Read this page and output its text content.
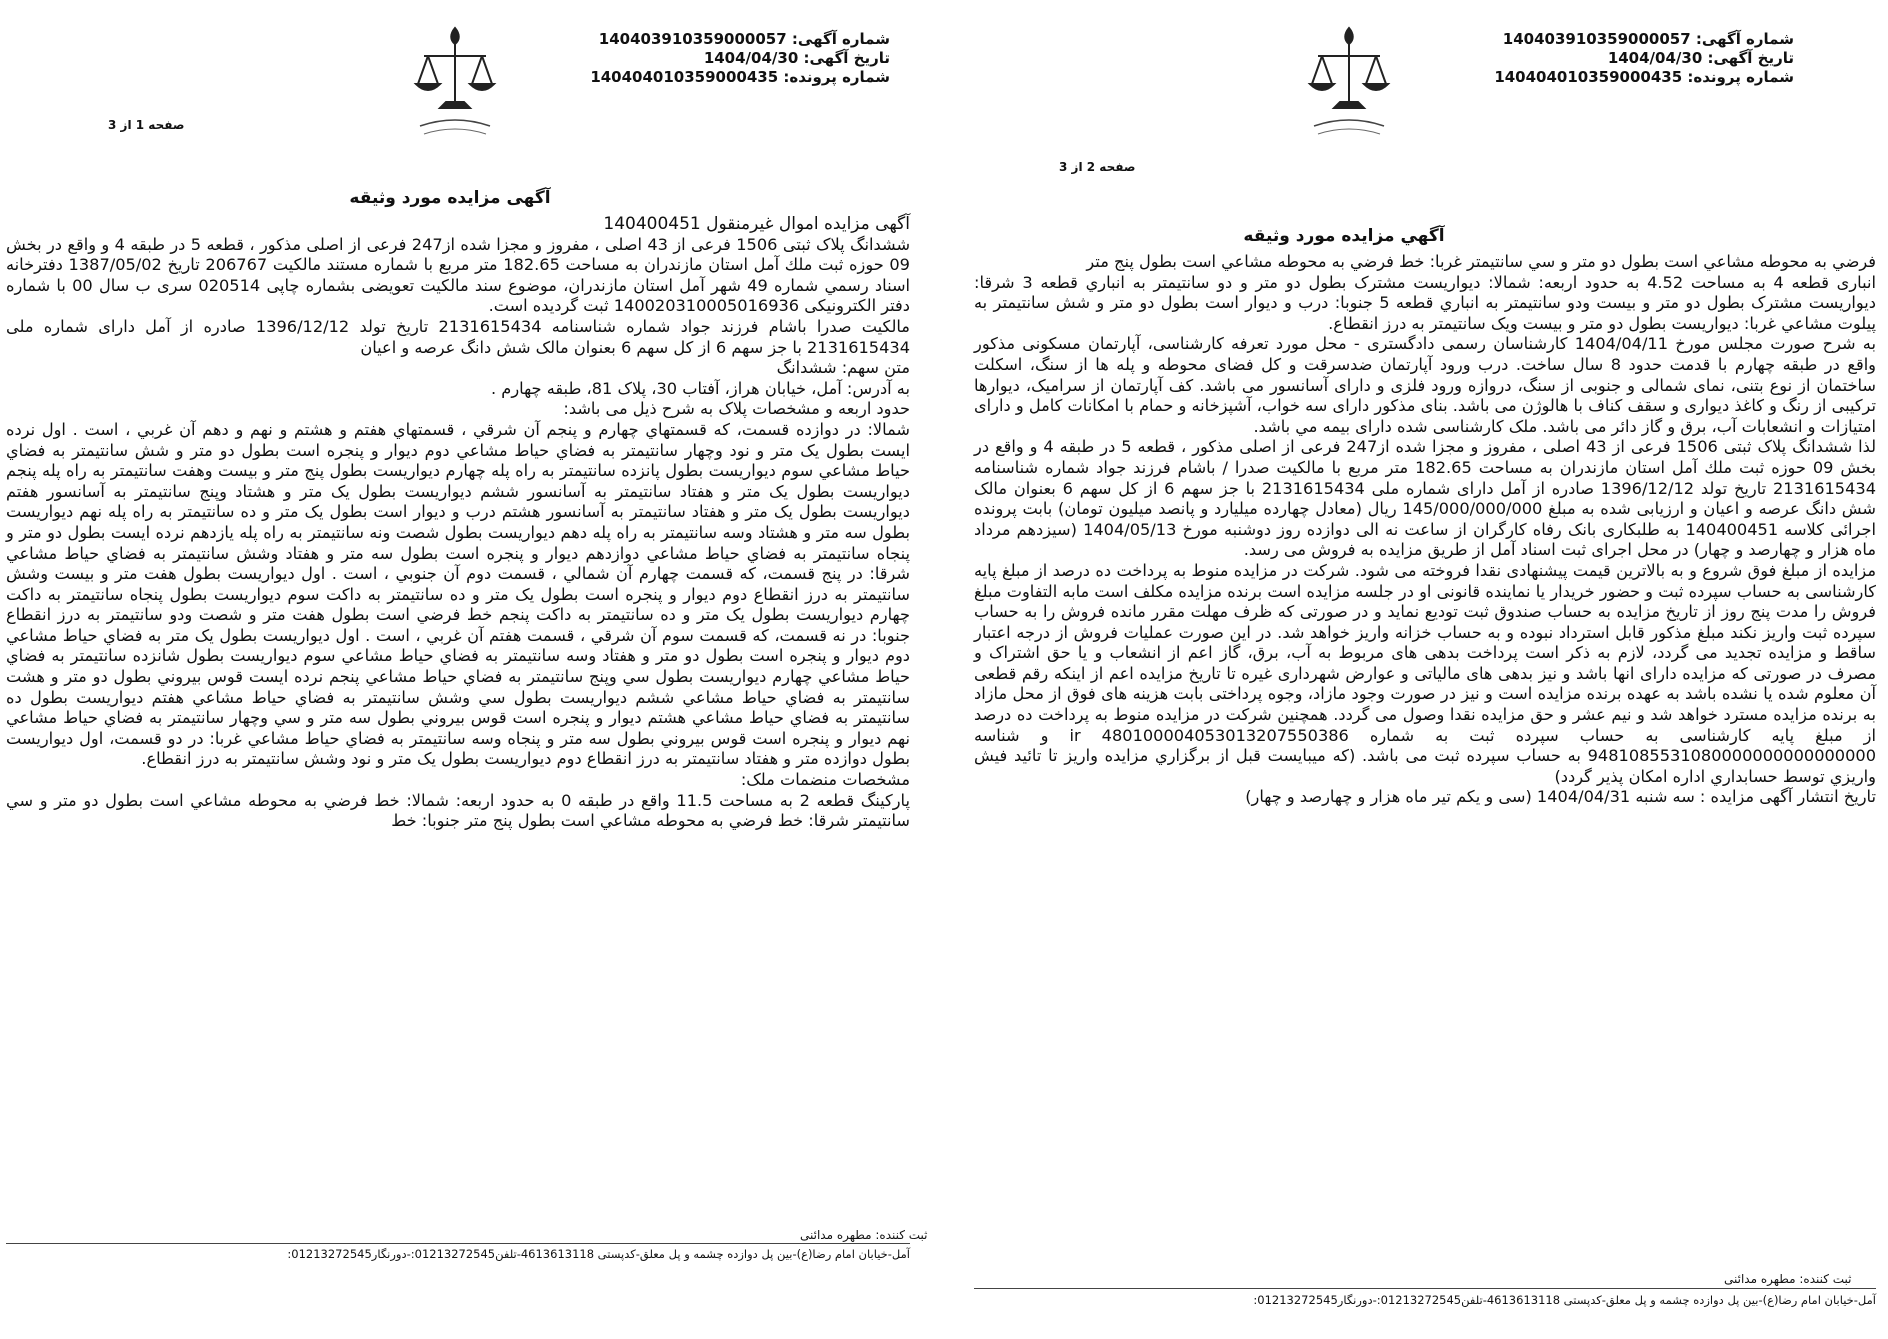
شماره آگهی: 140403910359000057
تاریخ آگهی: 1404/04/30
شماره پرونده: 140404010359000435
صفحه 1 از 3
آگهی مزایده مورد وثیقه

آگهی مزایده اموال غیرمنقول 140400451

ششدانگ پلاک ثبتی 1506 فرعی از 43 اصلی ، مفروز و مجزا شده از247 فرعی از اصلی مذکور ، قطعه 5 در طبقه 4 و واقع در بخش 09 حوزه ثبت ملك آمل استان مازندران به مساحت 182.65 متر مربع با شماره مستند مالکیت 206767 تاریخ 1387/05/02 دفترخانه اسناد رسمي شماره 49 شهر آمل استان مازندران، موضوع سند مالکیت تعویضی بشماره چاپی 020514 سری ب سال 00 با شماره دفتر الکترونیکی 140020310005016936 ثبت گردیده است.

مالکیت صدرا باشام فرزند جواد شماره شناسنامه 2131615434 تاریخ تولد 1396/12/12 صادره از آمل دارای شماره ملی 2131615434 با جز سهم 6 از کل سهم 6 بعنوان مالک شش دانگ عرصه و اعیان

متن سهم: ششدانگ

به آدرس: آمل، خیابان هراز، آفتاب 30، پلاک 81، طبقه چهارم .

حدود اربعه و مشخصات پلاک به شرح ذیل می باشد:

شمالا: در دوازده قسمت، که قسمتهاي چهارم و پنجم آن شرقي ، قسمتهاي هفتم و هشتم و نهم و دهم آن غربي ، است . اول نرده ایست بطول یک متر و نود وچهار سانتیمتر به فضاي حیاط مشاعي دوم دیوار و پنجره است بطول دو متر و شش سانتیمتر به فضاي حیاط مشاعي سوم دیواریست بطول پانزده سانتیمتر به راه پله چهارم دیواریست بطول پنج متر و بیست وهفت سانتیمتر به راه پله پنجم دیواریست بطول یک متر و هفتاد سانتیمتر به آسانسور ششم دیواریست بطول یک متر و هشتاد وپنج سانتیمتر به آسانسور هفتم دیواریست بطول یک متر و هفتاد سانتیمتر به آسانسور هشتم درب و دیوار است بطول یک متر و ده سانتیمتر به راه پله نهم دیواریست بطول سه متر و هشتاد وسه سانتیمتر به راه پله دهم دیواریست بطول شصت ونه سانتیمتر به راه پله یازدهم نرده ایست بطول دو متر و پنجاه سانتیمتر به فضاي حیاط مشاعي دوازدهم دیوار و پنجره است بطول سه متر و هفتاد وشش سانتیمتر به فضاي حیاط مشاعي شرقا: در پنج قسمت، که قسمت چهارم آن شمالي ، قسمت دوم آن جنوبي ، است . اول دیواریست بطول هفت متر و بیست وشش سانتیمتر به درز انقطاع دوم دیوار و پنجره است بطول یک متر و ده سانتیمتر به داکت سوم دیواریست بطول پنجاه سانتیمتر به داکت چهارم دیواریست بطول یک متر و ده سانتیمتر به داکت پنجم خط فرضي است بطول هفت متر و شصت ودو سانتیمتر به درز انقطاع جنوبا: در نه قسمت، که قسمت سوم آن شرقي ، قسمت هفتم آن غربي ، است . اول دیواریست بطول یک متر به فضاي حیاط مشاعي دوم دیوار و پنجره است بطول دو متر و هفتاد وسه سانتیمتر به فضاي حیاط مشاعي سوم دیواریست بطول شانزده سانتیمتر به فضاي حیاط مشاعي چهارم دیواریست بطول سي وپنج سانتیمتر به فضاي حیاط مشاعي پنجم نرده ایست قوس بیروني بطول دو متر و هشت سانتیمتر به فضاي حیاط مشاعي ششم دیواریست بطول سي وشش سانتیمتر به فضاي حیاط مشاعي هفتم دیواریست بطول ده سانتیمتر به فضاي حیاط مشاعي هشتم دیوار و پنجره است قوس بیروني بطول سه متر و سي وچهار سانتیمتر به فضاي حیاط مشاعي نهم دیوار و پنجره است قوس بیروني بطول سه متر و پنجاه وسه سانتیمتر به فضاي حیاط مشاعي غربا: در دو قسمت، اول دیواریست بطول دوازده متر و هفتاد سانتیمتر به درز انقطاع دوم دیواریست بطول یک متر و نود وشش سانتیمتر به درز انقطاع.

مشخصات منضمات ملک:

پارکینگ قطعه 2 به مساحت 11.5 واقع در طبقه 0 به حدود اربعه: شمالا: خط فرضي به محوطه مشاعي است بطول دو متر و سي سانتیمتر شرقا: خط فرضي به محوطه مشاعي است بطول پنج متر جنوبا: خط

ثبت کننده: مطهره مدائنی
آمل-خیابان امام رضا(ع)-بین پل دوازده چشمه و پل معلق-کدپستی 4613613118-تلفن01213272545:-دورنگار01213272545:
شماره آگهی: 140403910359000057
تاریخ آگهی: 1404/04/30
شماره پرونده: 140404010359000435
صفحه 2 از 3
آگهي مزایده مورد وثیقه

فرضي به محوطه مشاعي است بطول دو متر و سي سانتیمتر غربا: خط فرضي به محوطه مشاعي است بطول پنج متر

انباری قطعه 4 به مساحت 4.52 به حدود اربعه: شمالا: دیواریست مشترک بطول دو متر و دو سانتیمتر به انباري قطعه 3 شرقا: دیواریست مشترک بطول دو متر و بیست ودو سانتیمتر به انباري قطعه 5 جنوبا: درب و دیوار است بطول دو متر و شش سانتیمتر به پیلوت مشاعي غربا: دیواریست بطول دو متر و بیست ویک سانتیمتر به درز انقطاع.

به شرح صورت مجلس مورخ 1404/04/11 کارشناسان رسمی دادگستری - محل مورد تعرفه کارشناسی، آپارتمان مسکونی مذکور واقع در طبقه چهارم با قدمت حدود 8 سال ساخت. درب ورود آپارتمان ضدسرقت و کل فضای محوطه و پله ها از سنگ، اسکلت ساختمان از نوع بتنی، نمای شمالی و جنوبی از سنگ، دروازه ورود فلزی و دارای آسانسور می باشد. کف آپارتمان از سرامیک، دیوارها ترکیبی از رنگ و کاغذ دیواری و سقف کناف با هالوژن می باشد. بنای مذکور دارای سه خواب، آشپزخانه و حمام با امکانات کامل و دارای امتیازات و انشعابات آب، برق و گاز دائر می باشد. ملک کارشناسی شده دارای بیمه مي باشد.

لذا ششدانگ پلاک ثبتی 1506 فرعی از 43 اصلی ، مفروز و مجزا شده از247 فرعی از اصلی مذکور ، قطعه 5 در طبقه 4 و واقع در بخش 09 حوزه ثبت ملك آمل استان مازندران به مساحت 182.65 متر مربع با مالکیت صدرا / باشام فرزند جواد شماره شناسنامه 2131615434 تاریخ تولد 1396/12/12 صادره از آمل دارای شماره ملی 2131615434 با جز سهم 6 از کل سهم 6 بعنوان مالک شش دانگ عرصه و اعیان و ارزیابی شده به مبلغ 145/000/000/000 ریال (معادل چهارده میلیارد و پانصد میلیون تومان) بابت پرونده اجرائی کلاسه 140400451 به طلبکاری بانک رفاه کارگران از ساعت نه الی دوازده روز دوشنبه مورخ 1404/05/13 (سیزدهم مرداد ماه هزار و چهارصد و چهار) در محل اجرای ثبت اسناد آمل از طریق مزایده به فروش می رسد.

مزایده از مبلغ فوق شروع و به بالاترین قیمت پیشنهادی نقدا فروخته می شود. شرکت در مزایده منوط به پرداخت ده درصد از مبلغ پایه کارشناسی به حساب سپرده ثبت و حضور خریدار یا نماینده قانونی او در جلسه مزایده است برنده مزایده مکلف است مابه التفاوت مبلغ فروش را مدت پنج روز از تاریخ مزایده به حساب صندوق ثبت تودیع نماید و در صورتی که ظرف مهلت مقرر مانده فروش را به حساب سپرده ثبت واریز نکند مبلغ مذکور قابل استرداد نبوده و به حساب خزانه واریز خواهد شد. در این صورت عملیات فروش از درجه اعتبار ساقط و مزایده تجدید می گردد، لازم به ذکر است پرداخت بدهی های مربوط به آب، برق، گاز اعم از انشعاب و یا حق اشتراک و مصرف در صورتی که مزایده دارای انها باشد و نیز بدهی های مالیاتی و عوارض شهرداری غیره تا تاریخ مزایده اعم از اینکه رقم قطعی آن معلوم شده یا نشده باشد به عهده برنده مزایده است و نیز در صورت وجود مازاد، وجوه پرداختی بابت هزینه های فوق از محل مازاد به برنده مزایده مسترد خواهد شد و نیم عشر و حق مزایده نقدا وصول می گردد. همچنین شرکت در مزایده منوط به پرداخت ده درصد از مبلغ پایه کارشناسی به حساب سپرده ثبت به شماره ir 480100004053013207550386 و شناسه 9481085531080000000000000000 به حساب سپرده ثبت می باشد. (که میبایست قبل از برگزاري مزایده واریز تا تائید فیش واریزي توسط حسابداري اداره امکان پذیر گردد)

تاریخ انتشار آگهی مزایده : سه شنبه 1404/04/31 (سی و یکم تیر ماه هزار و چهارصد و چهار)

ثبت کننده: مطهره مدائنی
آمل-خیابان امام رضا(ع)-بین پل دوازده چشمه و پل معلق-کدپستی 4613613118-تلفن01213272545:-دورنگار01213272545:
